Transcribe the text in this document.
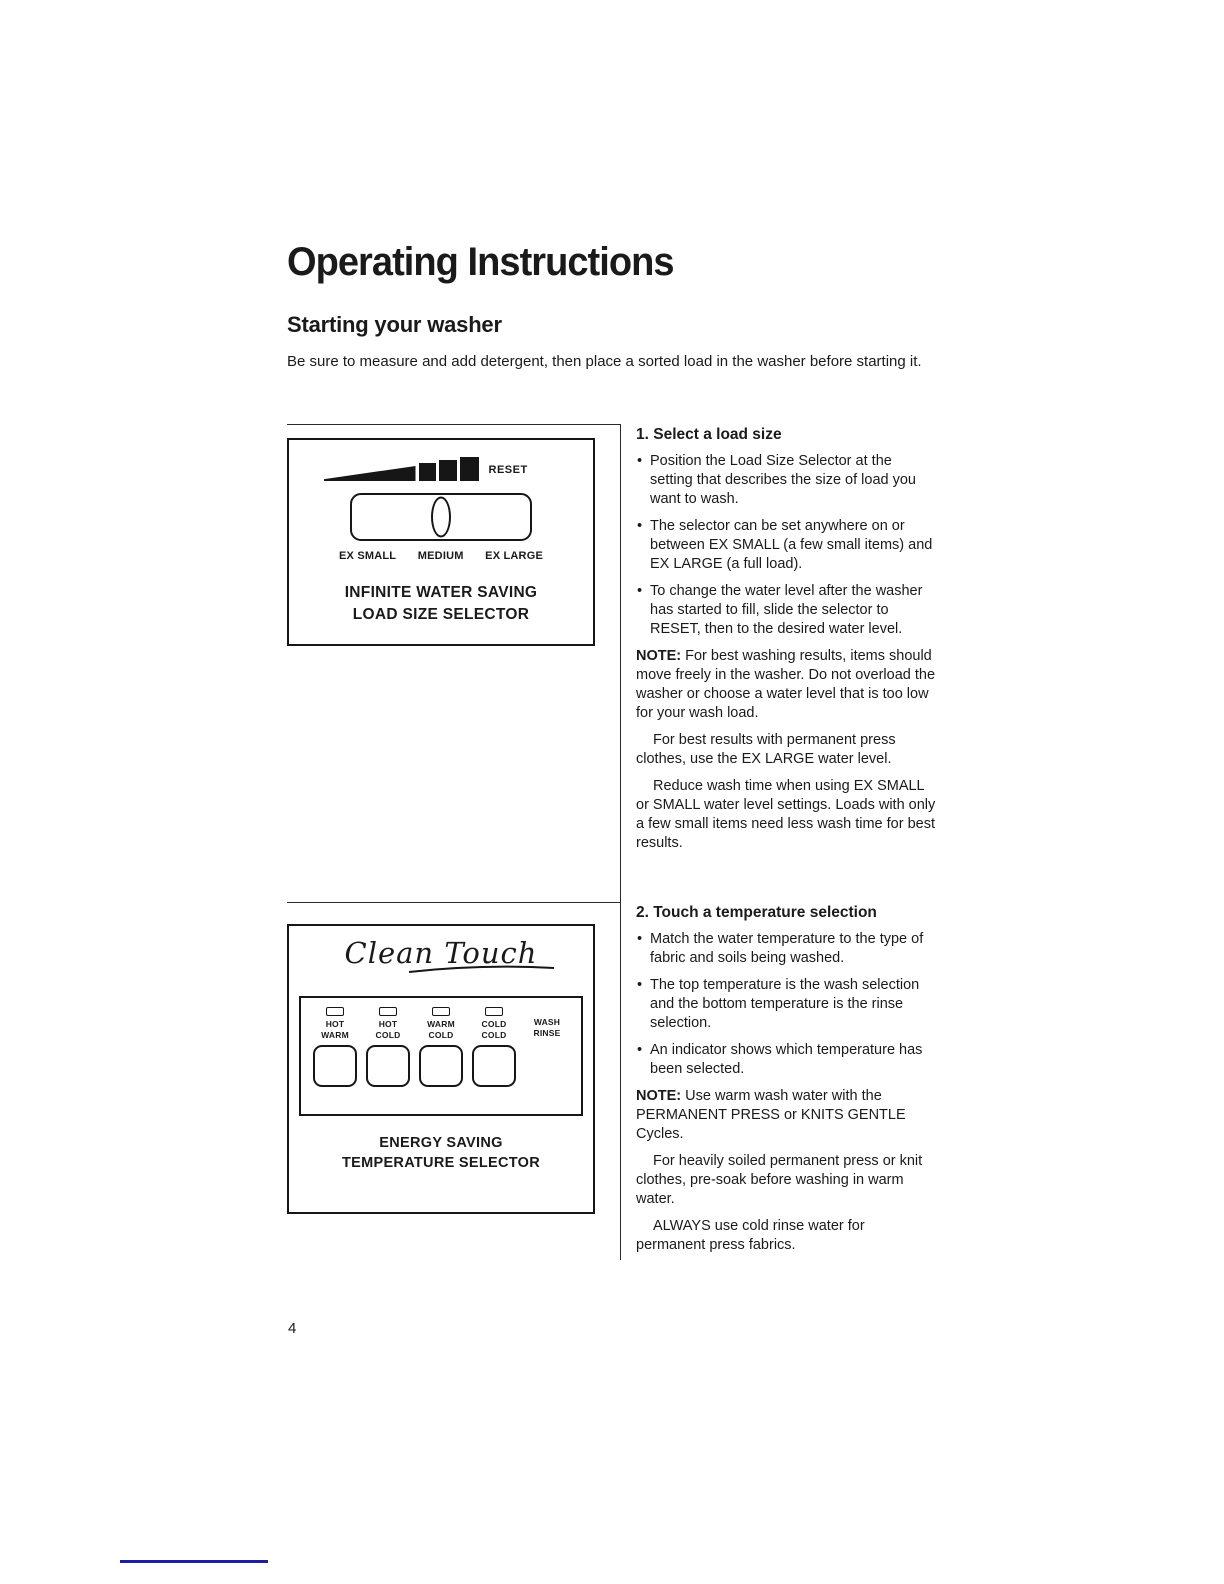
Operating Instructions
Starting your washer

Be sure to measure and add detergent, then place a sorted load in the washer before starting it.

RESET
EX SMALL MEDIUM EX LARGE
INFINITE WATER SAVING
LOAD SIZE SELECTOR
1. Select a load size
• Position the Load Size Selector at the setting that describes the size of load you want to wash.
• The selector can be set anywhere on or between EX SMALL (a few small items) and EX LARGE (a full load).
• To change the water level after the washer has started to fill, slide the selector to RESET, then to the desired water level.

NOTE: For best washing results, items should move freely in the washer. Do not overload the washer or choose a water level that is too low for your wash load.

For best results with permanent press clothes, use the EX LARGE water level.

Reduce wash time when using EX SMALL or SMALL water level settings. Loads with only a few small items need less wash time for best results.

Clean Touch
HOT
WARM
HOT
COLD
WARM
COLD
COLD
COLD
WASH
RINSE
ENERGY SAVING
TEMPERATURE SELECTOR
2. Touch a temperature selection
• Match the water temperature to the type of fabric and soils being washed.
• The top temperature is the wash selection and the bottom temperature is the rinse selection.
• An indicator shows which temperature has been selected.

NOTE: Use warm wash water with the PERMANENT PRESS or KNITS GENTLE Cycles.

For heavily soiled permanent press or knit clothes, pre-soak before washing in warm water.

ALWAYS use cold rinse water for permanent press fabrics.

4
